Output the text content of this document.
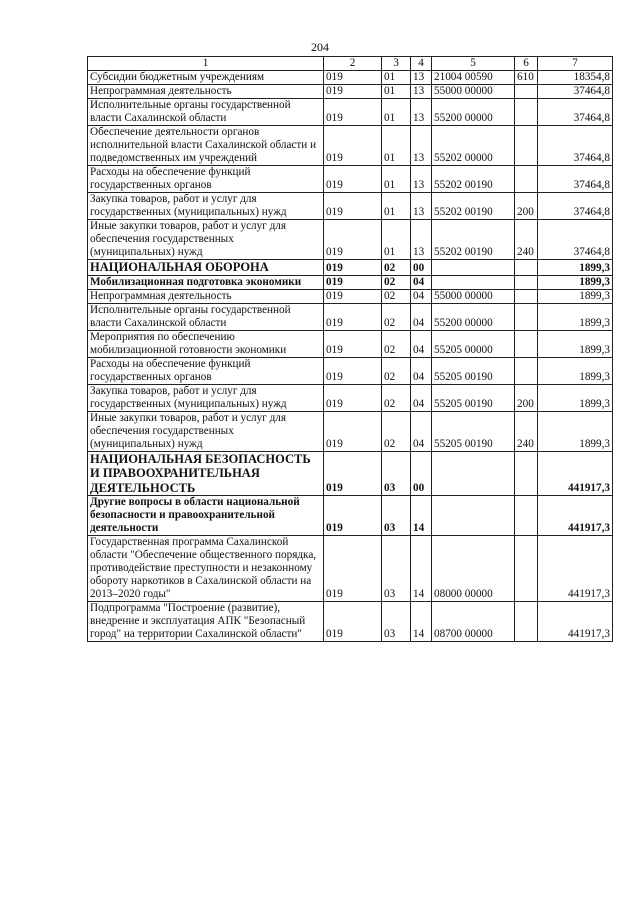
204
1	2	3	4	5	6	7
Субсидии бюджетным учреждениям	019	01	13	21004 00590	610	18354,8
Непрограммная деятельность	019	01	13	55000 00000		37464,8
Исполнительные органы государственной власти Сахалинской области	019	01	13	55200 00000		37464,8
Обеспечение деятельности органов исполнительной власти Сахалинской области и подведомственных им учреждений	019	01	13	55202 00000		37464,8
Расходы на обеспечение функций государственных органов	019	01	13	55202 00190		37464,8
Закупка товаров, работ и услуг для государственных (муниципальных) нужд	019	01	13	55202 00190	200	37464,8
Иные закупки товаров, работ и услуг для обеспечения государственных (муниципальных) нужд	019	01	13	55202 00190	240	37464,8
НАЦИОНАЛЬНАЯ ОБОРОНА	019	02	00			1899,3
Мобилизационная подготовка экономики	019	02	04			1899,3
Непрограммная деятельность	019	02	04	55000 00000		1899,3
Исполнительные органы государственной власти Сахалинской области	019	02	04	55200 00000		1899,3
Мероприятия по обеспечению мобилизационной готовности экономики	019	02	04	55205 00000		1899,3
Расходы на обеспечение функций государственных органов	019	02	04	55205 00190		1899,3
Закупка товаров, работ и услуг для государственных (муниципальных) нужд	019	02	04	55205 00190	200	1899,3
Иные закупки товаров, работ и услуг для обеспечения государственных (муниципальных) нужд	019	02	04	55205 00190	240	1899,3
НАЦИОНАЛЬНАЯ БЕЗОПАСНОСТЬ И ПРАВООХРАНИТЕЛЬНАЯ ДЕЯТЕЛЬНОСТЬ	019	03	00			441917,3
Другие вопросы в области национальной безопасности и правоохранительной деятельности	019	03	14			441917,3
Государственная программа Сахалинской области "Обеспечение общественного порядка, противодействие преступности и незаконному обороту наркотиков в Сахалинской области на 2013–2020 годы"	019	03	14	08000 00000		441917,3
Подпрограмма "Построение (развитие), внедрение и эксплуатация АПК "Безопасный город" на территории Сахалинской области"	019	03	14	08700 00000		441917,3
